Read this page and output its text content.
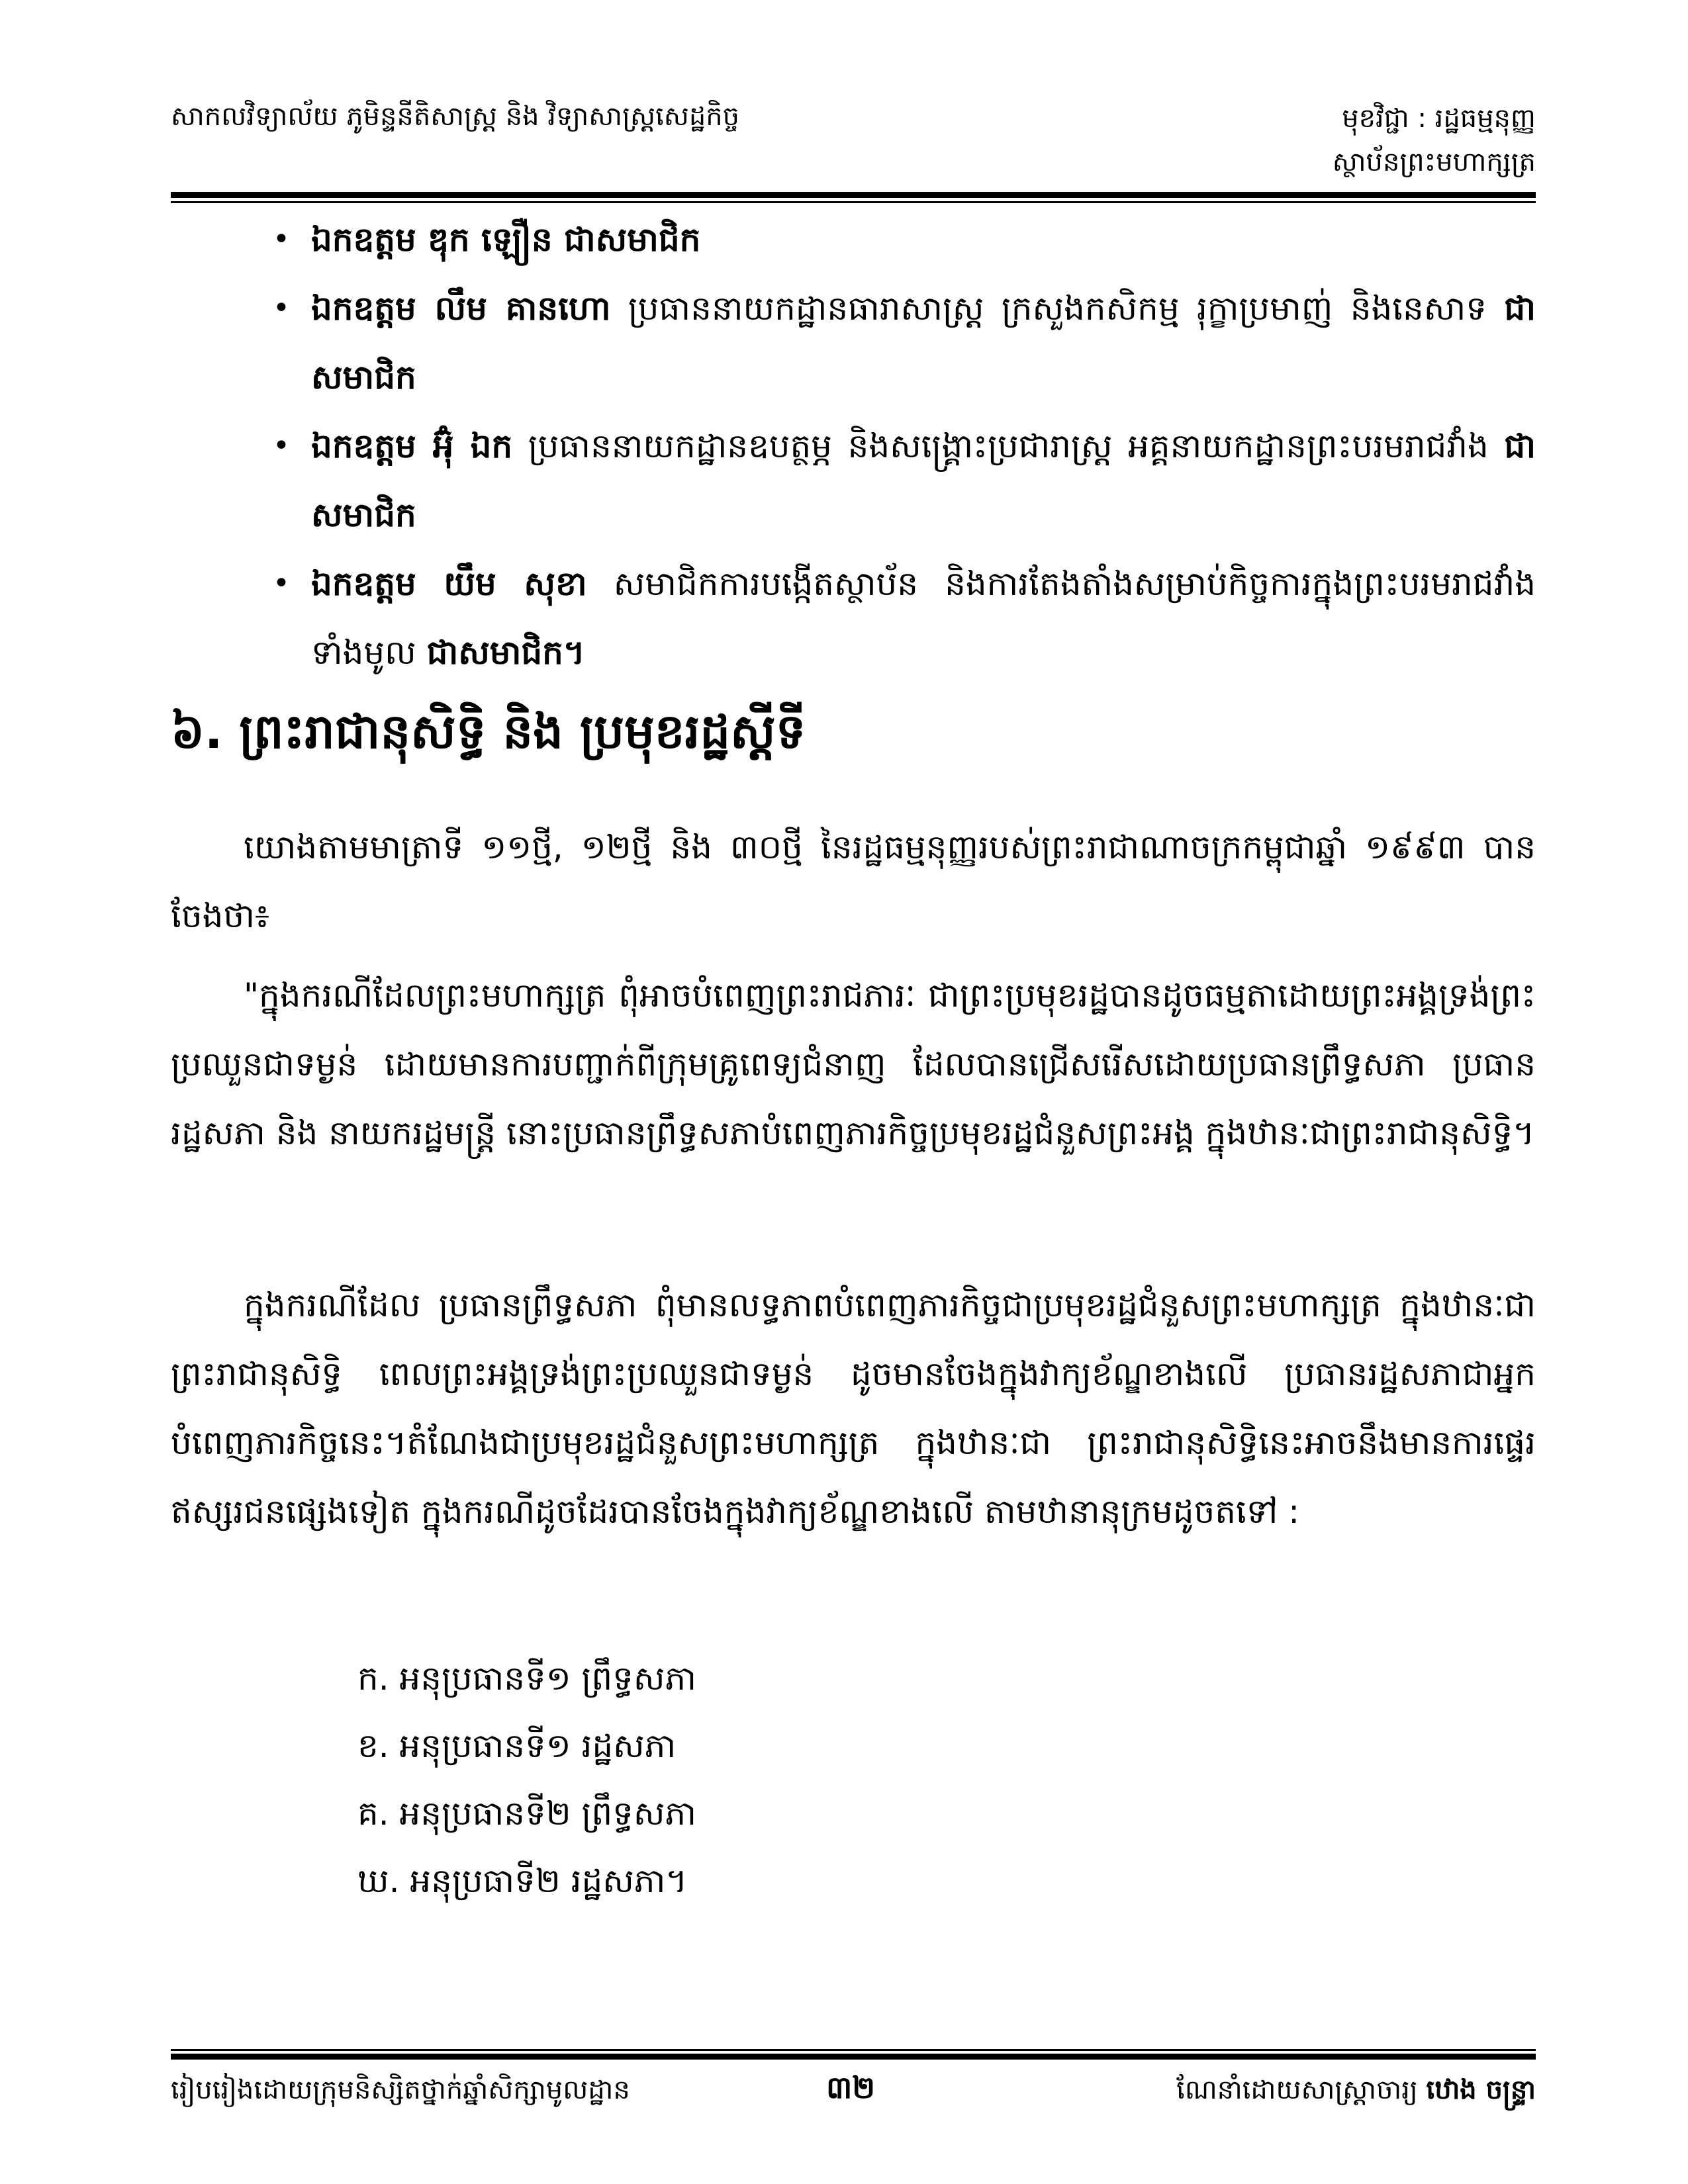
សាកលវិទ្យាល័យ ភូមិន្ទនីតិសាស្ត្រ និង វិទ្យាសាស្ត្រសេដ្ឋកិច្ច	មុខវិជ្ជា : រដ្ឋធម្មនុញ្ញ
ស្ថាប័នព្រះមហាក្សត្រ
• ឯកឧត្តម ឌុក ឡឿន ជាសមាជិក
• ឯកឧត្តម លឹម គានហោ ប្រធាននាយកដ្ឋានធារាសាស្ត្រ ក្រសួងកសិកម្ម រុក្ខាប្រមាញ់ និងនេសាទ ជាសមាជិក
• ឯកឧត្តម អ៊ុំ ឯក ប្រធាននាយកដ្ឋានឧបត្ថម្ភ និងសង្គ្រោះប្រជារាស្ត្រ អគ្គនាយកដ្ឋានព្រះបរមរាជវាំង ជាសមាជិក
• ឯកឧត្តម យឹម សុខា សមាជិកការបង្កើតស្ថាប័ន និងការតែងតាំងសម្រាប់កិច្ចការក្នុងព្រះបរមរាជវាំងទាំងមូល ជាសមាជិក។
៦. ព្រះរាជានុសិទ្ធិ និង ប្រមុខរដ្ឋស្ដីទី

យោងតាមមាត្រាទី ១១ថ្មី, ១២ថ្មី និង ៣០ថ្មី នៃរដ្ឋធម្មនុញ្ញរបស់ព្រះរាជាណាចក្រកម្ពុជាឆ្នាំ ១៩៩៣ បានចែងថា៖

"ក្នុងករណីដែលព្រះមហាក្សត្រ ពុំអាចបំពេញព្រះរាជភារៈ ជាព្រះប្រមុខរដ្ឋបានដូចធម្មតាដោយព្រះអង្គទ្រង់ព្រះប្រឈួនជាទម្ងន់ ដោយមានការបញ្ជាក់ពីក្រុមគ្រូពេទ្យជំនាញ ដែលបានជ្រើសរើសដោយប្រធានព្រឹទ្ធសភា ប្រធានរដ្ឋសភា និង នាយករដ្ឋមន្ត្រី នោះប្រធានព្រឹទ្ធសភាបំពេញភារកិច្ចប្រមុខរដ្ឋជំនួសព្រះអង្គ ក្នុងឋានៈជាព្រះរាជានុសិទ្ធិ។

ក្នុងករណីដែល ប្រធានព្រឹទ្ធសភា ពុំមានលទ្ធភាពបំពេញភារកិច្ចជាប្រមុខរដ្ឋជំនួសព្រះមហាក្សត្រ ក្នុងឋានៈជាព្រះរាជានុសិទ្ធិ ពេលព្រះអង្គទ្រង់ព្រះប្រឈួនជាទម្ងន់ ដូចមានចែងក្នុងវាក្យខ័ណ្ឌខាងលើ ប្រធានរដ្ឋសភាជាអ្នកបំពេញភារកិច្ចនេះ។តំណែងជាប្រមុខរដ្ឋជំនួសព្រះមហាក្សត្រ ក្នុងឋានៈជា ព្រះរាជានុសិទ្ធិនេះអាចនឹងមានការផ្ទេរឥស្សរជនផ្សេងទៀត ក្នុងករណីដូចដែរបានចែងក្នុងវាក្យខ័ណ្ឌខាងលើ តាមឋានានុក្រមដូចតទៅ :

ក. អនុប្រធានទី១ ព្រឹទ្ធសភា
ខ. អនុប្រធានទី១ រដ្ឋសភា
គ. អនុប្រធានទី២ ព្រឹទ្ធសភា
ឃ. អនុប្រធាទី២ រដ្ឋសភា។
រៀបរៀងដោយក្រុមនិស្សិតថ្នាក់ឆ្នាំសិក្សាមូលដ្ឋាន	៣២	ណែនាំដោយសាស្ត្រាចារ្យ ឋោង ចន្ទ្រា
